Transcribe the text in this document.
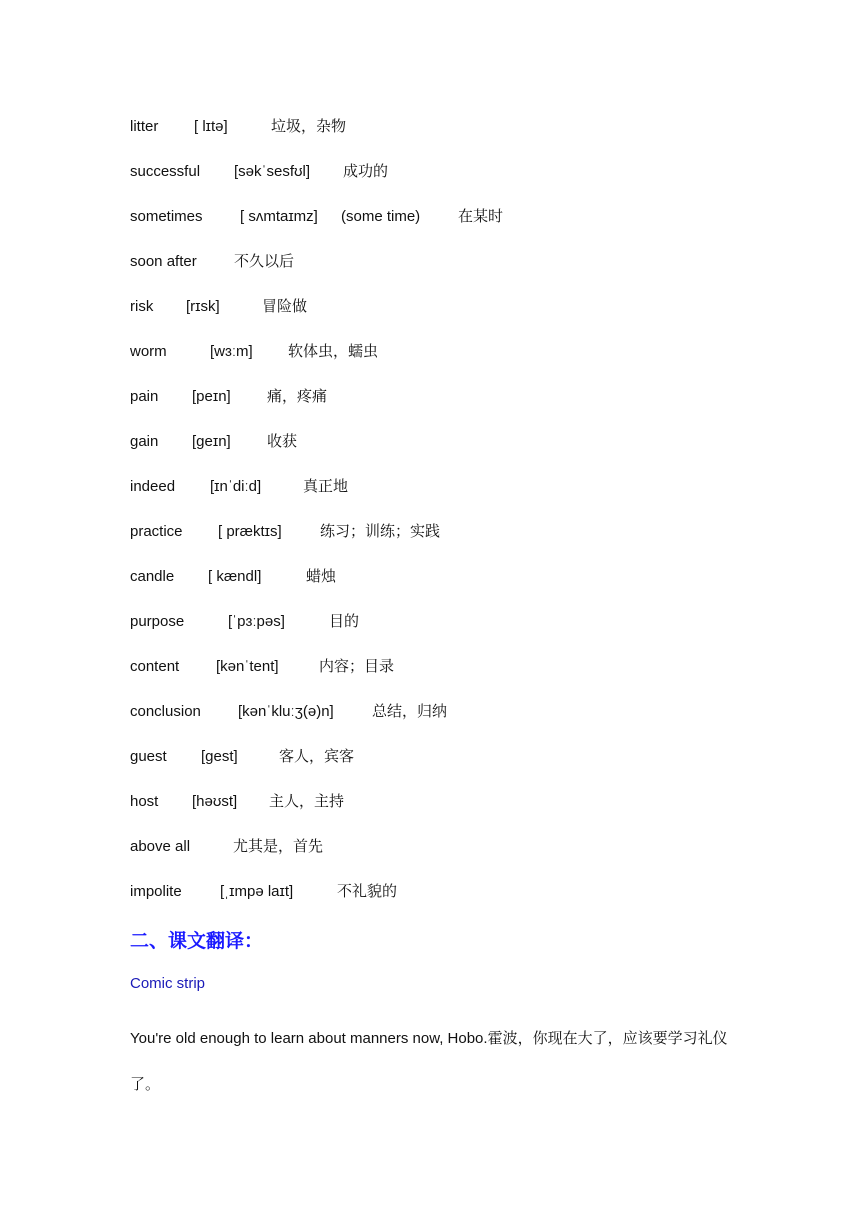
litter [ lɪtə]	垃圾，杂物
successful [səkˈsesfʊl] 成功的
sometimes [ sʌmtaɪmz] (some time)	在某时
soon after 不久以后
risk [rɪsk]	冒险做
worm	[wɜːm] 软体虫，蠕虫
pain [peɪn] 痛，疼痛
gain [geɪn] 收获
indeed [ɪnˈdiːd]	真正地
practice [ præktɪs]	练习；训练；实践
candle [ kændl]	蜡烛
purpose	[ˈpɜːpəs]	目的
content [kənˈtent]	内容；目录
conclusion [kənˈkluːʒ(ə)n]	总结，归纳
guest [gest]	客人，宾客
host [həʊst] 主人，主持
above all	尤其是，首先
impolite	[ˌɪmpə laɪt]	不礼貌的
二、课文翻译：
Comic strip
You're old enough to learn about manners now, Hobo.霍波，你现在大了，应该要学习礼仪了。
